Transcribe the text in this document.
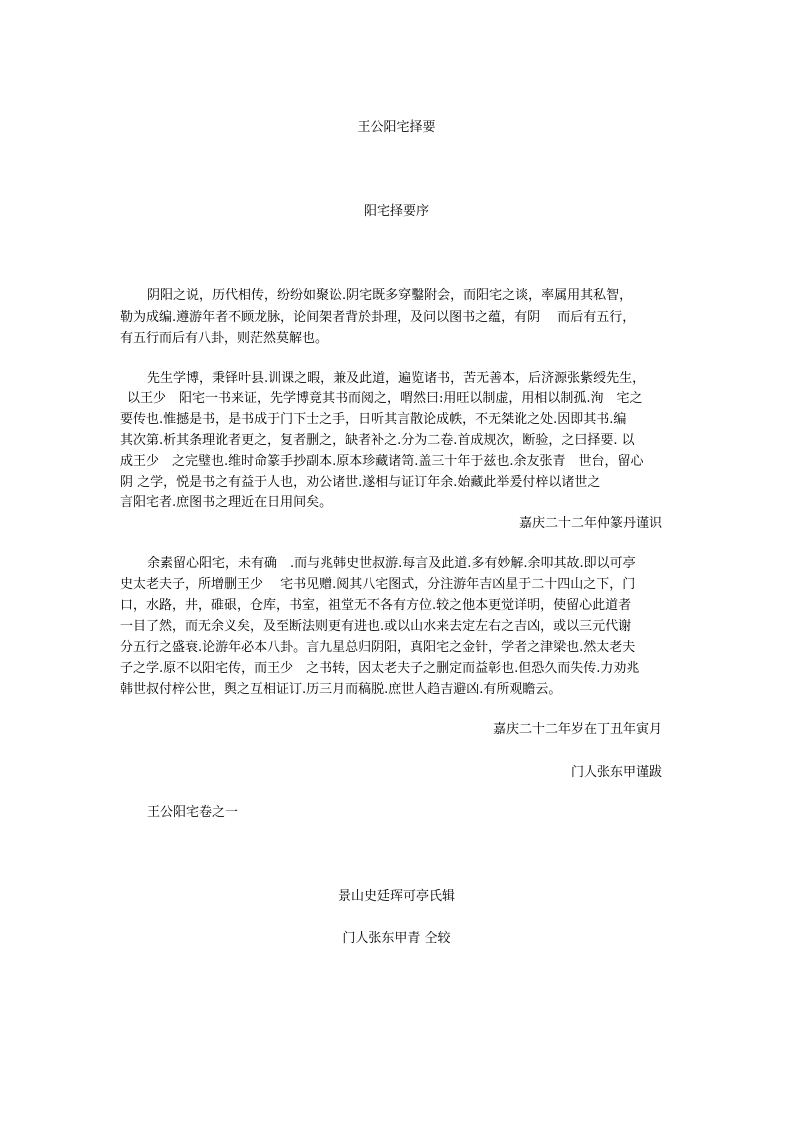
王公阳宅择要
阳宅择要序
阴阳之说，历代相传，纷纷如聚讼.阴宅既多穿鑿附会，而阳宅之谈，率属用其私智，
勒为成编.遵游年者不顾龙脉，论间架者背於卦理，及问以图书之蕴，有阴　 而后有五行，
有五行而后有八卦，则茫然莫解也。
先生学博，秉铎叶县.训课之暇，兼及此道，遍览诸书，苦无善本，后济源张紫绶先生，
以王少　阳宅一书来证，先学博竟其书而阅之，喟然曰:用旺以制虚，用相以制孤.洵　宅之
要传也.惟撼是书，是书成于门下士之手，日听其言散论成帙，不无桀讹之处.因即其书.编
其次第.析其条理讹者更之，复者删之，缺者补之.分为二卷.首成规次，断验，之曰择要. 以
成王少　之完璧也.维时命篆手抄副本.原本珍藏诸笥.盖三十年于兹也.余友张青　世台，留心
阴 之学，悦是书之有益于人也，劝公诸世.遂相与证订年余.始藏此举爰付梓以诸世之
言阳宅者.庶图书之理近在日用间矣。
嘉庆二十二年仲篆丹谨识
余素留心阳宅，未有确　.而与兆韩史世叔游.每言及此道.多有妙解.余叩其故.即以可亭
史太老夫子，所增删王少　 宅书见赠.阅其八宅图式，分注游年吉凶星于二十四山之下，门
口，水路，井，碓硍，仓库，书室，祖堂无不各有方位.较之他本更觉详明，使留心此道者
一目了然，而无余义矣，及至断法则更有进也.或以山水来去定左右之吉凶，或以三元代谢
分五行之盛衰.论游年必本八卦。言九星总归阴阳，真阳宅之金针，学者之津梁也.然太老夫
子之学.原不以阳宅传，而王少　之书转，因太老夫子之删定而益彰也.但恐久而失传.力劝兆
韩世叔付梓公世，舆之互相证订.历三月而稿脱.庶世人趋吉避凶.有所观瞻云。
嘉庆二十二年岁在丁丑年寅月
门人张东甲谨跋
王公阳宅卷之一
景山史廷珲可亭氏辑
门人张东甲青 仝较
